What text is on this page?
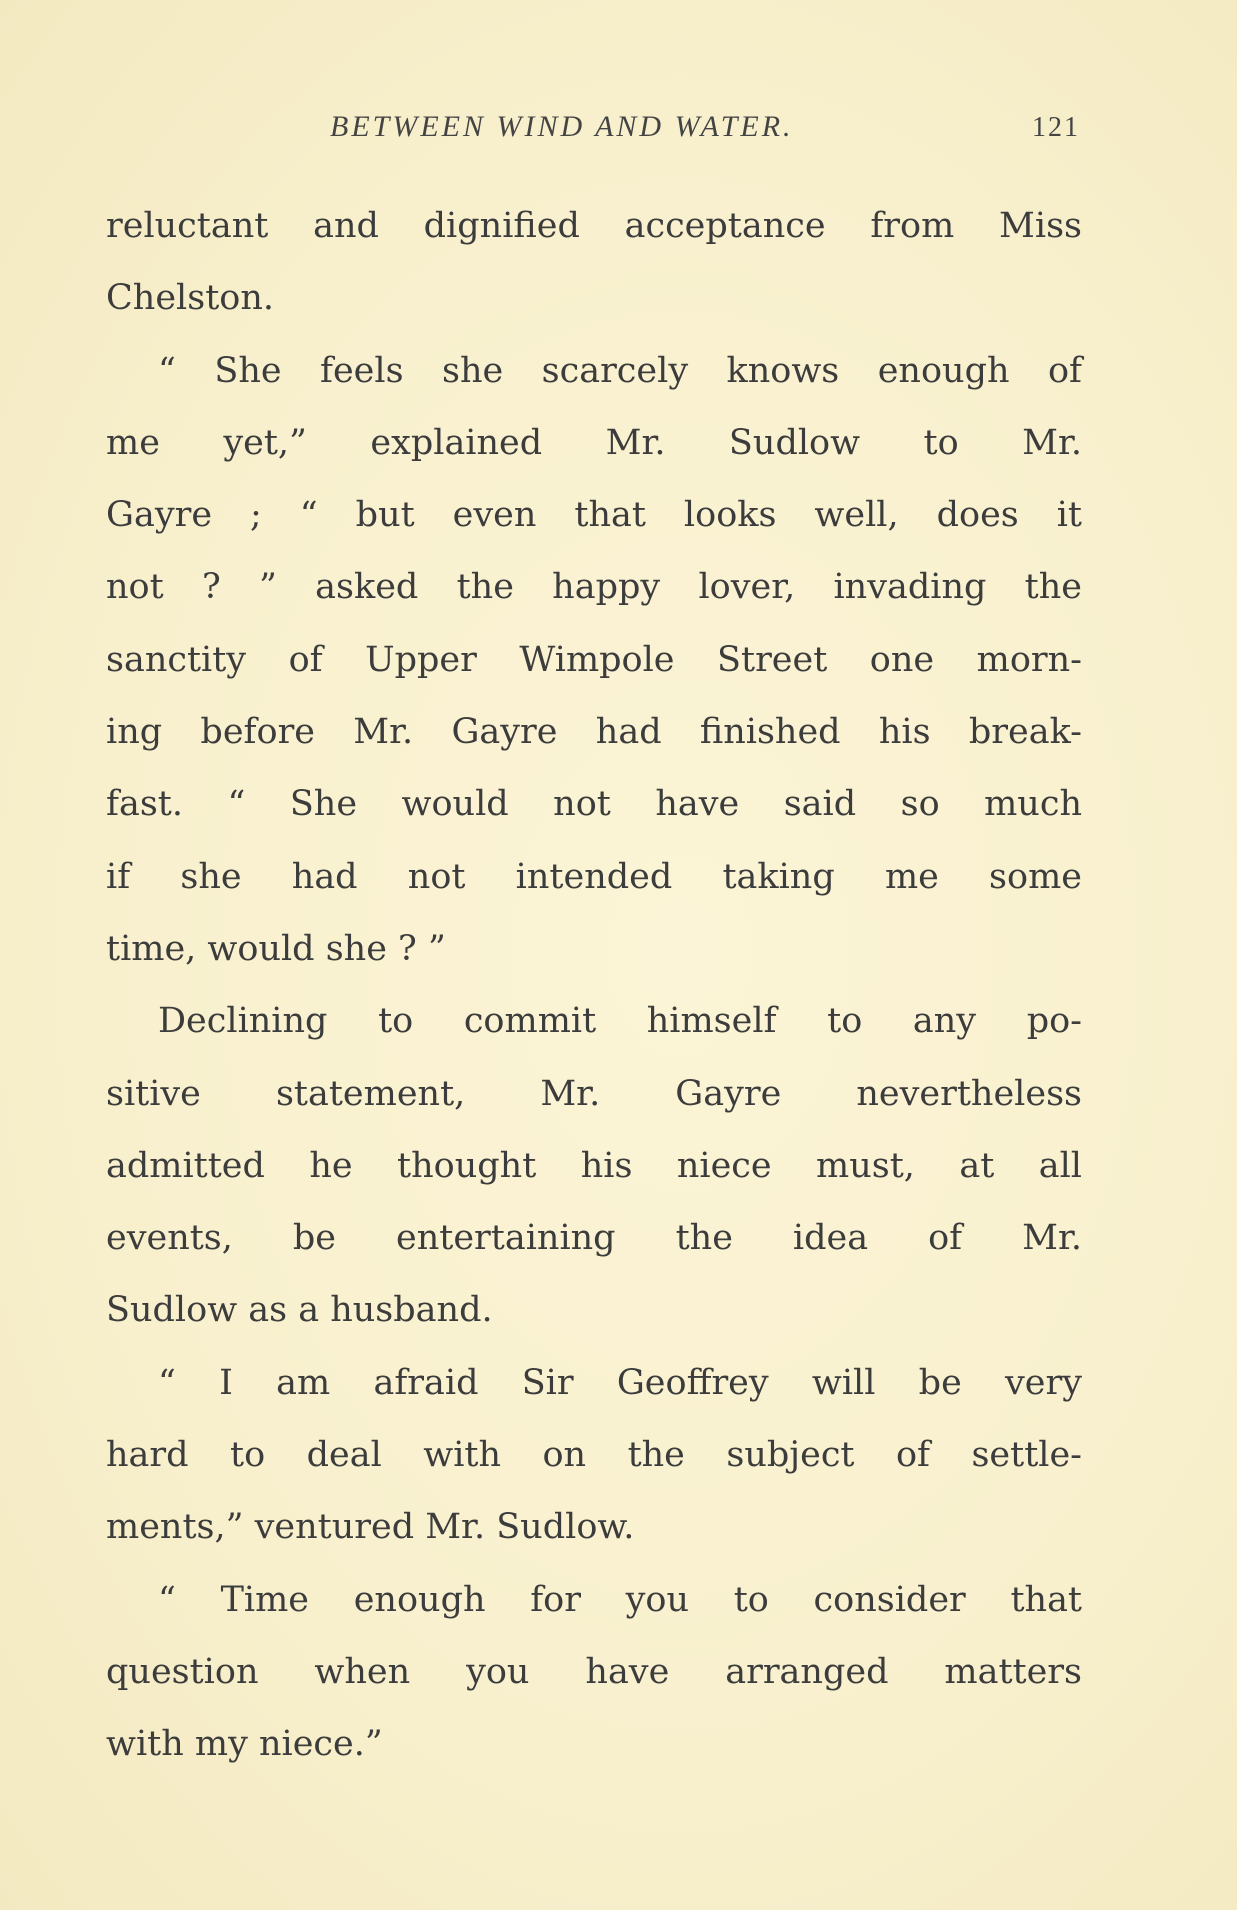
BETWEEN WIND AND WATER.	121
reluctant and dignified acceptance from Miss
Chelston.
“ She feels she scarcely knows enough of
me yet,” explained Mr. Sudlow to Mr.
Gayre ; “ but even that looks well, does it
not ? ” asked the happy lover, invading the
sanctity of Upper Wimpole Street one morn-
ing before Mr. Gayre had finished his break-
fast. “ She would not have said so much
if she had not intended taking me some
time, would she ? ”
Declining to commit himself to any po-
sitive statement, Mr. Gayre nevertheless
admitted he thought his niece must, at all
events, be entertaining the idea of Mr.
Sudlow as a husband.
“ I am afraid Sir Geoffrey will be very
hard to deal with on the subject of settle-
ments,” ventured Mr. Sudlow.
“ Time enough for you to consider that
question when you have arranged matters
with my niece.”
